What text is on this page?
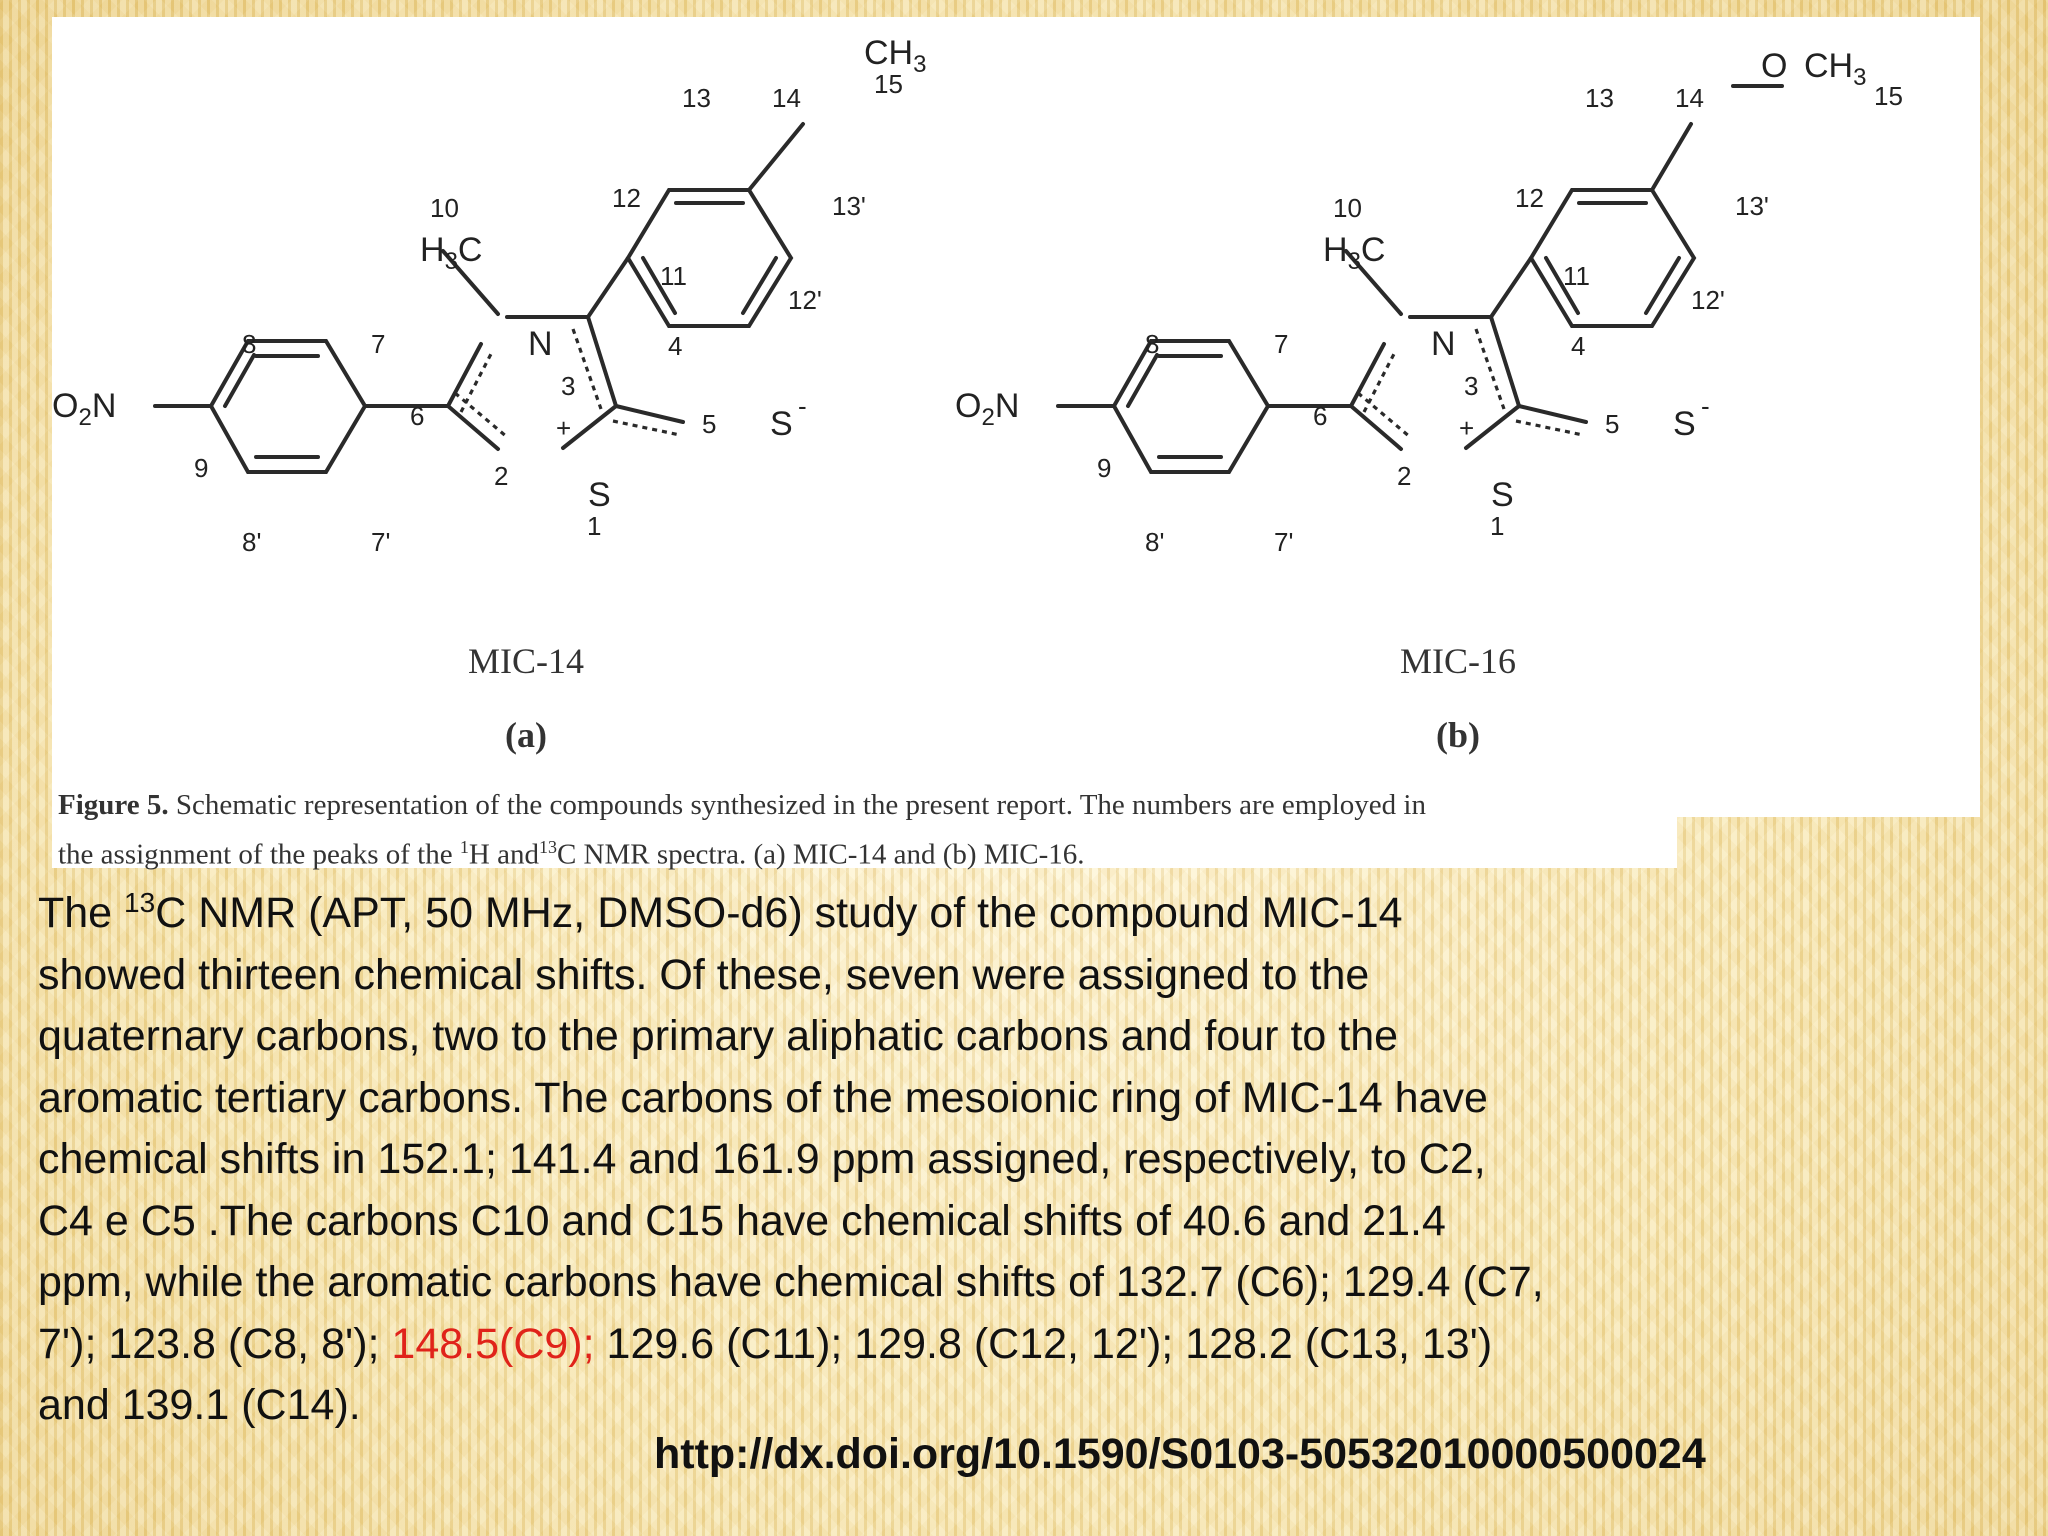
$O_2N$
$H_3C$
N
S
S -
+
$CH_3$
15
1
2
3
4
5
6
7
7'
8
8'
9
10
11
12
12'
13 14
13'
$O_2N$
$H_3C$
N
S
S -
+
O $CH_3$
15
1
2
3
4
5
6
7
7'
8
8'
9
10
11
12
12'
13 14
13'
MIC-14
(a)
MIC-16
(b)
Figure 5. Schematic representation of the compounds synthesized in the present report. The numbers are employed in
the assignment of the peaks of the $^1$H and$^{13}$C NMR spectra. (a) MIC-14 and (b) MIC-16.
The $^{13}$C NMR (APT, 50 MHz, DMSO-d6) study of the compound MIC-14
showed thirteen chemical shifts. Of these, seven were assigned to the
quaternary carbons, two to the primary aliphatic carbons and four to the
aromatic tertiary carbons. The carbons of the mesoionic ring of MIC-14 have
chemical shifts in 152.1; 141.4 and 161.9 ppm assigned, respectively, to C2,
C4 e C5 .The carbons C10 and C15 have chemical shifts of 40.6 and 21.4
ppm, while the aromatic carbons have chemical shifts of 132.7 (C6); 129.4 (C7,
7'); 123.8 (C8, 8'); 148.5(C9); 129.6 (C11); 129.8 (C12, 12'); 128.2 (C13, 13')
and 139.1 (C14).
http://dx.doi.org/10.1590/S0103-50532010000500024
